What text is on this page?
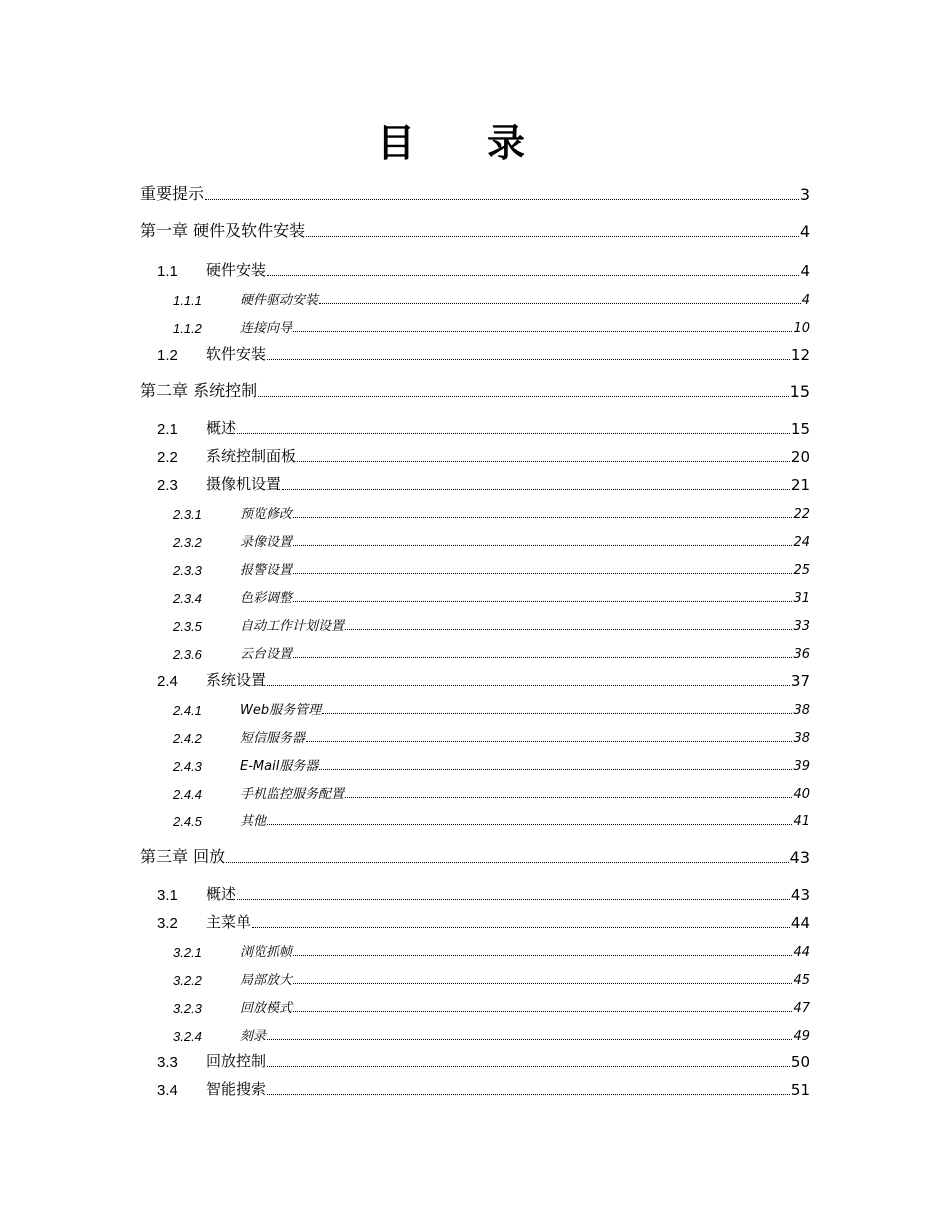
目 录
重要提示	3
第一章 硬件及软件安装	4
1.1 硬件安装	4
1.1.1	硬件驱动安装	4
1.1.2	连接向导	10
1.2 软件安装	12
第二章 系统控制	15
2.1 概述	15
2.2 系统控制面板	20
2.3 摄像机设置	21
2.3.1	预览修改	22
2.3.2	录像设置	24
2.3.3	报警设置	25
2.3.4	色彩调整	31
2.3.5	自动工作计划设置	33
2.3.6	云台设置	36
2.4 系统设置	37
2.4.1	Web服务管理	38
2.4.2	短信服务器	38
2.4.3	E-Mail服务器	39
2.4.4	手机监控服务配置	40
2.4.5	其他	41
第三章 回放	43
3.1 概述	43
3.2 主菜单	44
3.2.1	浏览抓帧	44
3.2.2	局部放大	45
3.2.3	回放模式	47
3.2.4	刻录	49
3.3 回放控制	50
3.4 智能搜索	51
